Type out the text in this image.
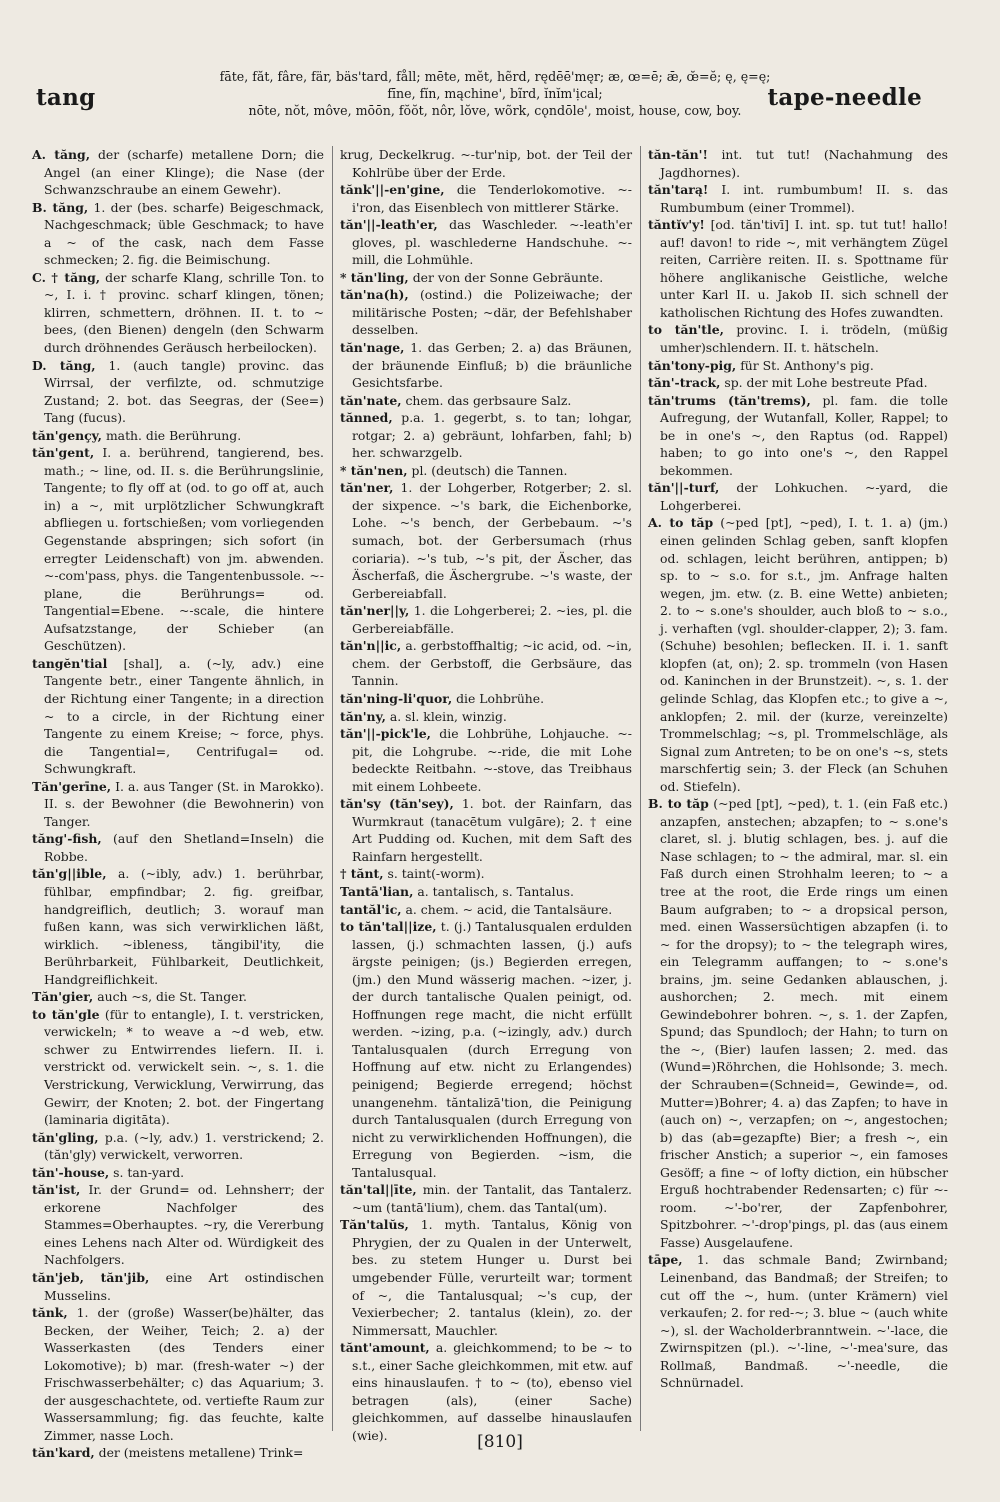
tang
fāte, făt, fâre, fär, bäs'tard, fåll; mēte, mĕt, hẽrd, rędēē'męr; æ, œ=ē; ǣ, œ̆=ĕ; ę, ę=ę;
fīne, fĭn, mąchine', bĩrd, ĭnĭm'ịcal;
nōte, nŏt, môve, mōōn, fŏŏt, nôr, lŏve, wõrk, cǫndōle', moist, house, cow, boy.	tape-needle

A. tăng, der (scharfe) metallene Dorn; die Angel (an einer Klinge); die Nase (der Schwanzschraube an einem Gewehr).

B. tăng, 1. der (bes. scharfe) Beigeschmack, Nachgeschmack; üble Geschmack; to have a ~ of the cask, nach dem Fasse schmecken; 2. fig. die Beimischung.

C. † tăng, der scharfe Klang, schrille Ton. to ~, I. i. † provinc. scharf klingen, tönen; klirren, schmettern, dröhnen. II. t. to ~ bees, (den Bienen) dengeln (den Schwarm durch dröhnendes Geräusch herbeilocken).

D. tăng, 1. (auch tangle) provinc. das Wirrsal, der verfilzte, od. schmutzige Zustand; 2. bot. das Seegras, der (See=) Tang (fucus).

tăn'gençy, math. die Berührung.

tăn'gent, I. a. berührend, tangierend, bes. math.; ~ line, od. II. s. die Berührungslinie, Tangente; to fly off at (od. to go off at, auch in) a ~, mit urplötzlicher Schwungkraft abfliegen u. fortschießen; vom vorliegenden Gegenstande abspringen; sich sofort (in erregter Leidenschaft) von jm. abwenden. ~-com'pass, phys. die Tangentenbussole. ~-plane, die Berührungs= od. Tangential=Ebene. ~-scale, die hintere Aufsatzstange, der Schieber (an Geschützen).

tangĕn'tial [shal], a. (~ly, adv.) eine Tangente betr., einer Tangente ähnlich, in der Richtung einer Tangente; in a direction ~ to a circle, in der Richtung einer Tangente zu einem Kreise; ~ force, phys. die Tangential=, Centrifugal= od. Schwungkraft.

Tăn'gerīne, I. a. aus Tanger (St. in Marokko). II. s. der Bewohner (die Bewohnerin) von Tanger.

tăng'-fish, (auf den Shetland=Inseln) die Robbe.

tăn'g||ible, a. (~ibly, adv.) 1. berührbar, fühlbar, empfindbar; 2. fig. greifbar, handgreiflich, deutlich; 3. worauf man fußen kann, was sich verwirklichen läßt, wirklich. ~ibleness, tăngibil'ity, die Berührbarkeit, Fühlbarkeit, Deutlichkeit, Handgreiflichkeit.

Tăn'gier, auch ~s, die St. Tanger.

to tăn'gle (für to entangle), I. t. verstricken, verwickeln; * to weave a ~d web, etw. schwer zu Entwirrendes liefern. II. i. verstrickt od. verwickelt sein. ~, s. 1. die Verstrickung, Verwicklung, Verwirrung, das Gewirr, der Knoten; 2. bot. der Fingertang (laminaria digitāta).

tăn'gling, p.a. (~ly, adv.) 1. verstrickend; 2. (tăn'gly) verwickelt, verworren.

tăn'-house, s. tan-yard.

tăn'ist, Ir. der Grund= od. Lehnsherr; der erkorene Nachfolger des Stammes=Oberhauptes. ~ry, die Vererbung eines Lehens nach Alter od. Würdigkeit des Nachfolgers.

tăn'jeb, tăn'jib, eine Art ostindischen Musselins.

tănk, 1. der (große) Wasser(be)hälter, das Becken, der Weiher, Teich; 2. a) der Wasserkasten (des Tenders einer Lokomotive); b) mar. (fresh-water ~) der Frischwasserbehälter; c) das Aquarium; 3. der ausgeschachtete, od. vertiefte Raum zur Wassersammlung; fig. das feuchte, kalte Zimmer, nasse Loch.

tăn'kard, der (meistens metallene) Trink=

krug, Deckelkrug. ~-tur'nip, bot. der Teil der Kohlrübe über der Erde.

tănk'||-en'gine, die Tenderlokomotive. ~-i'ron, das Eisenblech von mittlerer Stärke.

tăn'||-leath'er, das Waschleder. ~-leath'er gloves, pl. waschlederne Handschuhe. ~-mill, die Lohmühle.

* tăn'ling, der von der Sonne Gebräunte.

tăn'na(h), (ostind.) die Polizeiwache; der militärische Posten; ~där, der Befehlshaber desselben.

tăn'nage, 1. das Gerben; 2. a) das Bräunen, der bräunende Einfluß; b) die bräunliche Gesichtsfarbe.

tăn'nate, chem. das gerbsaure Salz.

tănned, p.a. 1. gegerbt, s. to tan; lohgar, rotgar; 2. a) gebräunt, lohfarben, fahl; b) her. schwarzgelb.

* tăn'nen, pl. (deutsch) die Tannen.

tăn'ner, 1. der Lohgerber, Rotgerber; 2. sl. der sixpence. ~'s bark, die Eichenborke, Lohe. ~'s bench, der Gerbebaum. ~'s sumach, bot. der Gerbersumach (rhus coriaria). ~'s tub, ~'s pit, der Äscher, das Äscherfaß, die Äschergrube. ~'s waste, der Gerbereiabfall.

tăn'ner||y, 1. die Lohgerberei; 2. ~ies, pl. die Gerbereiabfälle.

tăn'n||ic, a. gerbstoffhaltig; ~ic acid, od. ~in, chem. der Gerbstoff, die Gerbsäure, das Tannin.

tăn'ning-li'quor, die Lohbrühe.

tăn'ny, a. sl. klein, winzig.

tăn'||-pick'le, die Lohbrühe, Lohjauche. ~-pit, die Lohgrube. ~-ride, die mit Lohe bedeckte Reitbahn. ~-stove, das Treibhaus mit einem Lohbeete.

tăn'sy (tăn'sey), 1. bot. der Rainfarn, das Wurmkraut (tanacētum vulgāre); 2. † eine Art Pudding od. Kuchen, mit dem Saft des Rainfarn hergestellt.

† tănt, s. taint(-worm).

Tantā'lian, a. tantalisch, s. Tantalus.

tantăl'ic, a. chem. ~ acid, die Tantalsäure.

to tăn'tal||ize, t. (j.) Tantalusqualen erdulden lassen, (j.) schmachten lassen, (j.) aufs ärgste peinigen; (js.) Begierden erregen, (jm.) den Mund wässerig machen. ~izer, j. der durch tantalische Qualen peinigt, od. Hoffnungen rege macht, die nicht erfüllt werden. ~izing, p.a. (~izingly, adv.) durch Tantalusqualen (durch Erregung von Hoffnung auf etw. nicht zu Erlangendes) peinigend; Begierde erregend; höchst unangenehm. tăntalizā'tion, die Peinigung durch Tantalusqualen (durch Erregung von nicht zu verwirklichenden Hoffnungen), die Erregung von Begierden. ~ism, die Tantalusqual.

tăn'tal||īte, min. der Tantalit, das Tantalerz. ~um (tantā'lium), chem. das Tantal(um).

Tăn'talŭs, 1. myth. Tantalus, König von Phrygien, der zu Qualen in der Unterwelt, bes. zu stetem Hunger u. Durst bei umgebender Fülle, verurteilt war; torment of ~, die Tantalusqual; ~'s cup, der Vexierbecher; 2. tantalus (klein), zo. der Nimmersatt, Mauchler.

tănt'amount, a. gleichkommend; to be ~ to s.t., einer Sache gleichkommen, mit etw. auf eins hinauslaufen. † to ~ (to), ebenso viel betragen (als), (einer Sache) gleichkommen, auf dasselbe hinauslaufen (wie).

tăn-tăn'! int. tut tut! (Nachahmung des Jagdhornes).

tăn'tarą! I. int. rumbumbum! II. s. das Rumbumbum (einer Trommel).

tăntĭv'y! [od. tăn'tivī] I. int. sp. tut tut! hallo! auf! davon! to ride ~, mit verhängtem Zügel reiten, Carrière reiten. II. s. Spottname für höhere anglikanische Geistliche, welche unter Karl II. u. Jakob II. sich schnell der katholischen Richtung des Hofes zuwandten.

to tăn'tle, provinc. I. i. trödeln, (müßig umher)schlendern. II. t. hätscheln.

tăn'tony-pig, für St. Anthony's pig.

tăn'-track, sp. der mit Lohe bestreute Pfad.

tăn'trums (tăn'trems), pl. fam. die tolle Aufregung, der Wutanfall, Koller, Rappel; to be in one's ~, den Raptus (od. Rappel) haben; to go into one's ~, den Rappel bekommen.

tăn'||-turf, der Lohkuchen. ~-yard, die Lohgerberei.

A. to tăp (~ped [pt], ~ped), I. t. 1. a) (jm.) einen gelinden Schlag geben, sanft klopfen od. schlagen, leicht berühren, antippen; b) sp. to ~ s.o. for s.t., jm. Anfrage halten wegen, jm. etw. (z. B. eine Wette) anbieten; 2. to ~ s.one's shoulder, auch bloß to ~ s.o., j. verhaften (vgl. shoulder-clapper, 2); 3. fam. (Schuhe) besohlen; beflecken. II. i. 1. sanft klopfen (at, on); 2. sp. trommeln (von Hasen od. Kaninchen in der Brunstzeit). ~, s. 1. der gelinde Schlag, das Klopfen etc.; to give a ~, anklopfen; 2. mil. der (kurze, vereinzelte) Trommelschlag; ~s, pl. Trommelschläge, als Signal zum Antreten; to be on one's ~s, stets marschfertig sein; 3. der Fleck (an Schuhen od. Stiefeln).

B. to tăp (~ped [pt], ~ped), t. 1. (ein Faß etc.) anzapfen, anstechen; abzapfen; to ~ s.one's claret, sl. j. blutig schlagen, bes. j. auf die Nase schlagen; to ~ the admiral, mar. sl. ein Faß durch einen Strohhalm leeren; to ~ a tree at the root, die Erde rings um einen Baum aufgraben; to ~ a dropsical person, med. einen Wassersüchtigen abzapfen (i. to ~ for the dropsy); to ~ the telegraph wires, ein Telegramm auffangen; to ~ s.one's brains, jm. seine Gedanken ablauschen, j. aushorchen; 2. mech. mit einem Gewindebohrer bohren. ~, s. 1. der Zapfen, Spund; das Spundloch; der Hahn; to turn on the ~, (Bier) laufen lassen; 2. med. das (Wund=)Röhrchen, die Hohlsonde; 3. mech. der Schrauben=(Schneid=, Gewinde=, od. Mutter=)Bohrer; 4. a) das Zapfen; to have in (auch on) ~, verzapfen; on ~, angestochen; b) das (ab=gezapfte) Bier; a fresh ~, ein frischer Anstich; a superior ~, ein famoses Gesöff; a fine ~ of lofty diction, ein hübscher Erguß hochtrabender Redensarten; c) für ~-room. ~'-bo'rer, der Zapfenbohrer, Spitzbohrer. ~'-drop'pings, pl. das (aus einem Fasse) Ausgelaufene.

tāpe, 1. das schmale Band; Zwirnband; Leinenband, das Bandmaß; der Streifen; to cut off the ~, hum. (unter Krämern) viel verkaufen; 2. for red-~; 3. blue ~ (auch white ~), sl. der Wacholderbranntwein. ~'-lace, die Zwirnspitzen (pl.). ~'-line, ~'-mea'sure, das Rollmaß, Bandmaß. ~'-needle, die Schnürnadel.

[810]
